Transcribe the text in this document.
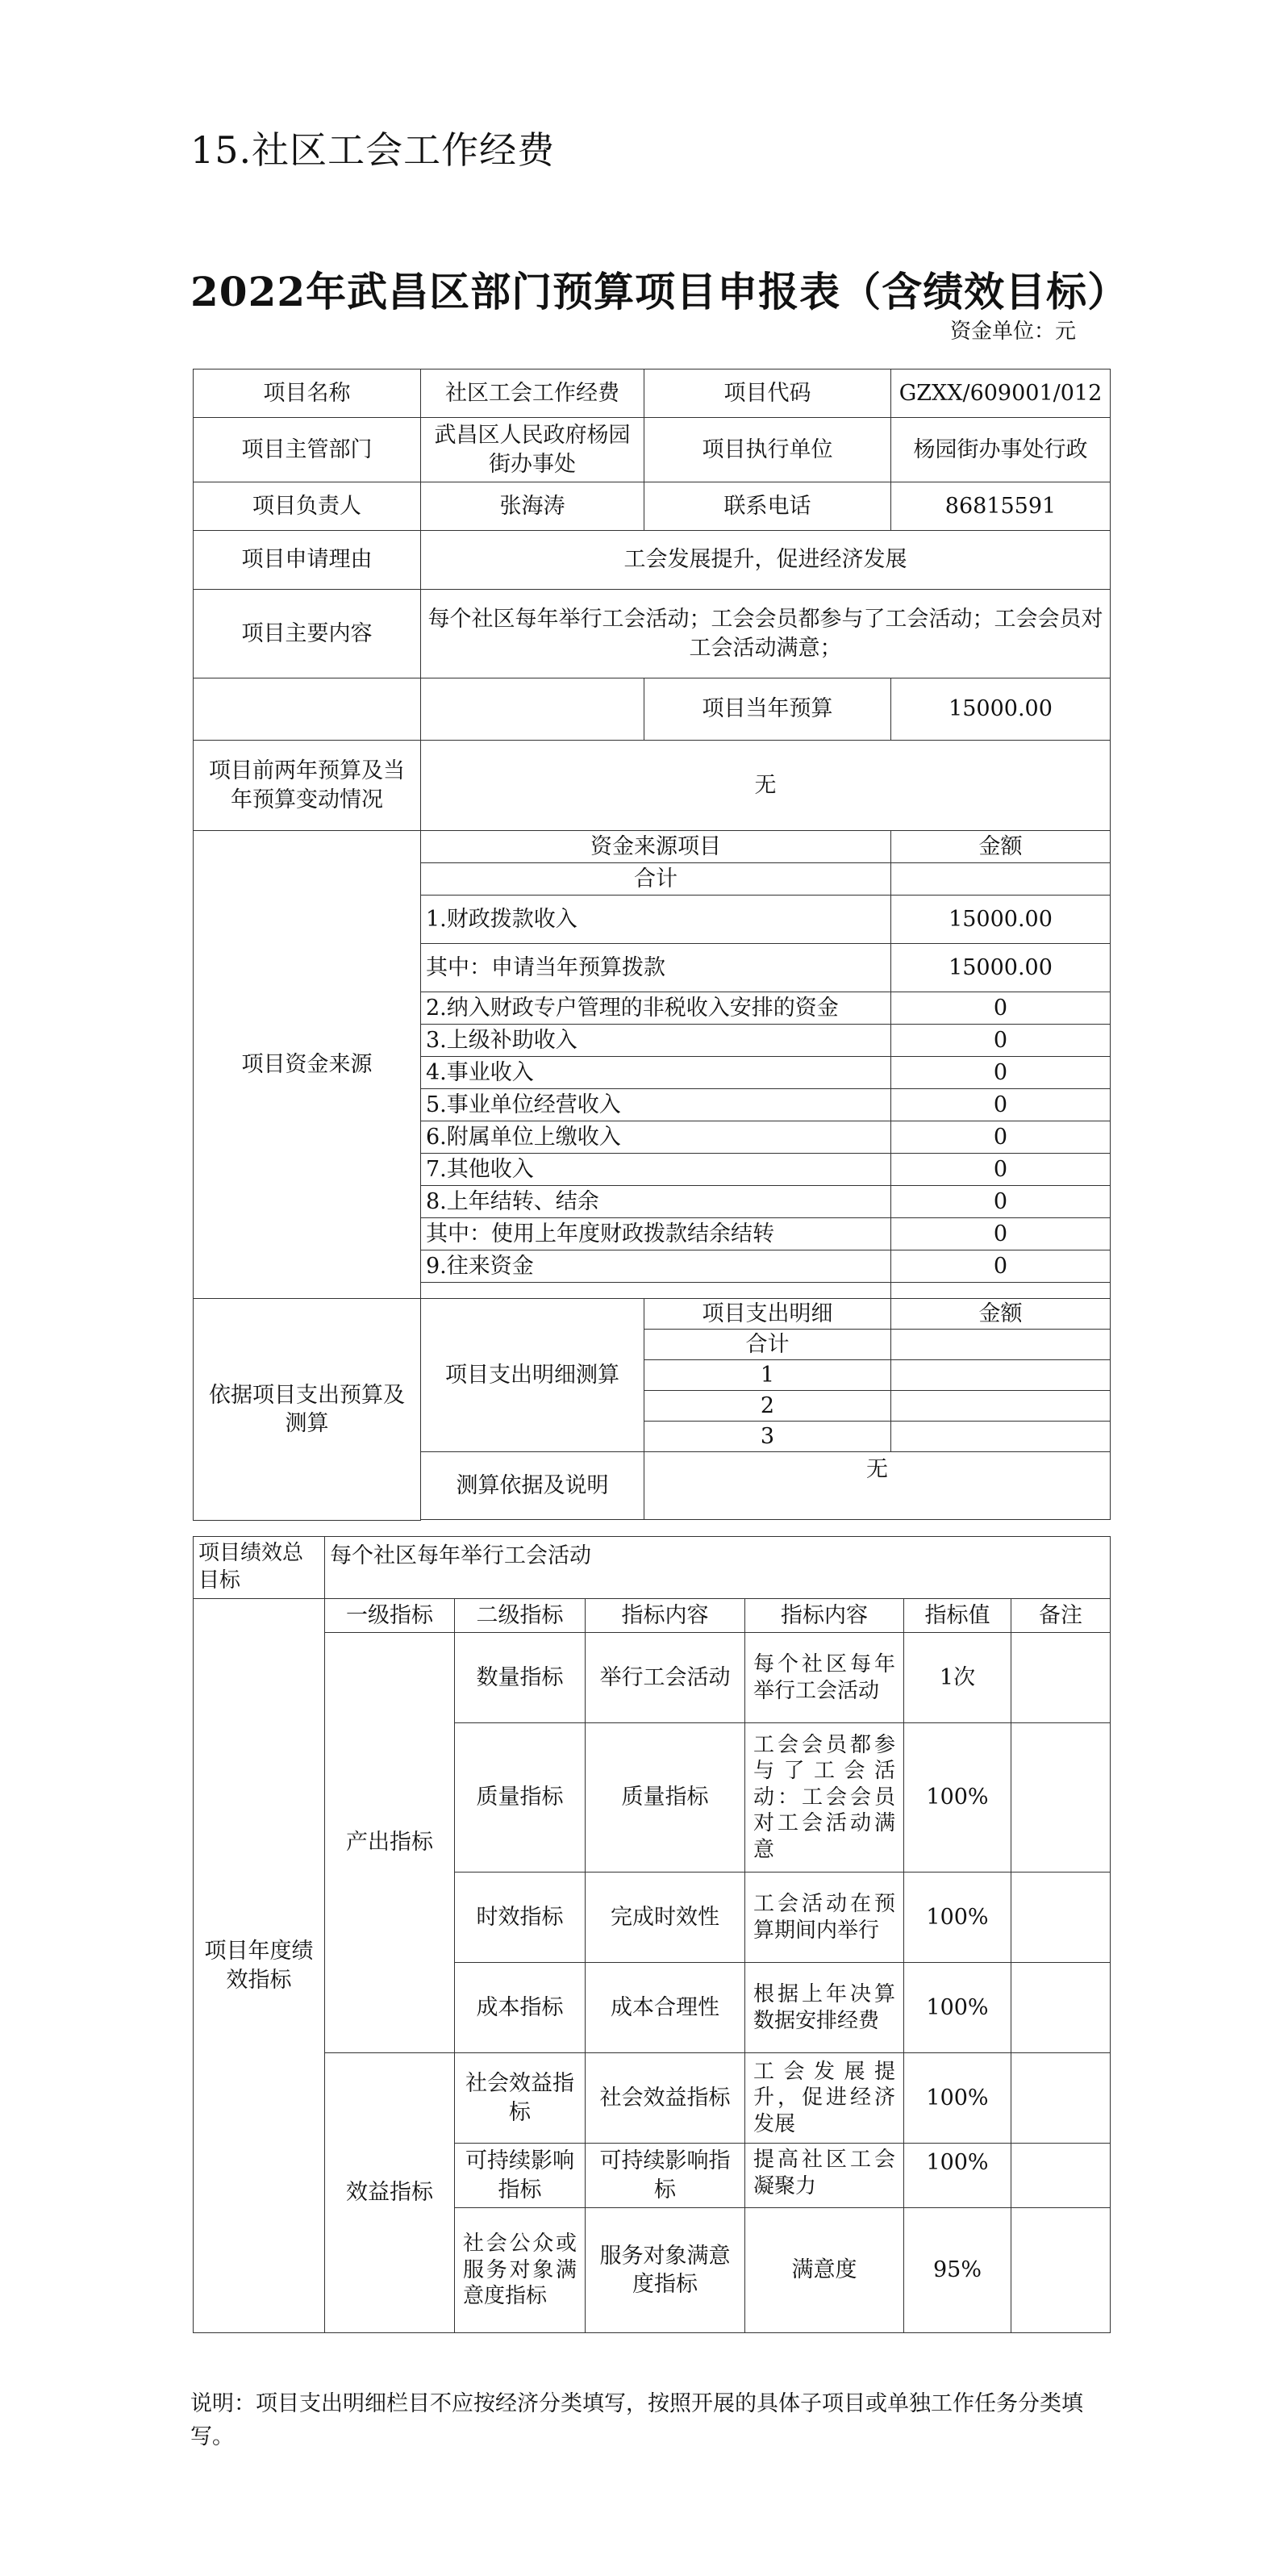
15.社区工会工作经费
2022年武昌区部门预算项目申报表（含绩效目标）
资金单位：元
项目名称	社区工会工作经费	项目代码	GZXX/609001/012
项目主管部门	武昌区人民政府杨园街办事处	项目执行单位	杨园街办事处行政
项目负责人	张海涛	联系电话	86815591
项目申请理由	工会发展提升，促进经济发展		
项目主要内容	每个社区每年举行工会活动；工会会员都参与了工会活动；工会会员对工会活动满意；		
		项目当年预算	15000.00
项目前两年预算及当年预算变动情况	无		
项目资金来源	资金来源项目		金额
	合计		
	1.财政拨款收入		15000.00
	其中：申请当年预算拨款		15000.00
	2.纳入财政专户管理的非税收入安排的资金		0
	3.上级补助收入		0
	4.事业收入		0
	5.事业单位经营收入		0
	6.附属单位上缴收入		0
	7.其他收入		0
	8.上年结转、结余		0
	其中：使用上年度财政拨款结余结转		0
	9.往来资金		0

依据项目支出预算及测算	项目支出明细测算	项目支出明细	金额
		合计	
		1	
		2	
		3	
	测算依据及说明	无	

项目绩效总目标	每个社区每年举行工会活动					
项目年度绩效指标	一级指标	二级指标	指标内容	指标内容	指标值	备注
	产出指标	数量指标	举行工会活动	每个社区每年举行工会活动	1次	
		质量指标	质量指标	工会会员都参与了工会活动：工会会员对工会活动满意	100%	
		时效指标	完成时效性	工会活动在预算期间内举行	100%	
		成本指标	成本合理性	根据上年决算数据安排经费	100%	
	效益指标	社会效益指标	社会效益指标	工会发展提升，促进经济发展	100%	
		可持续影响指标	可持续影响指标	提高社区工会凝聚力	100%	
		社会公众或服务对象满意度指标	服务对象满意度指标	满意度	95%	
说明：项目支出明细栏目不应按经济分类填写，按照开展的具体子项目或单独工作任务分类填写。
